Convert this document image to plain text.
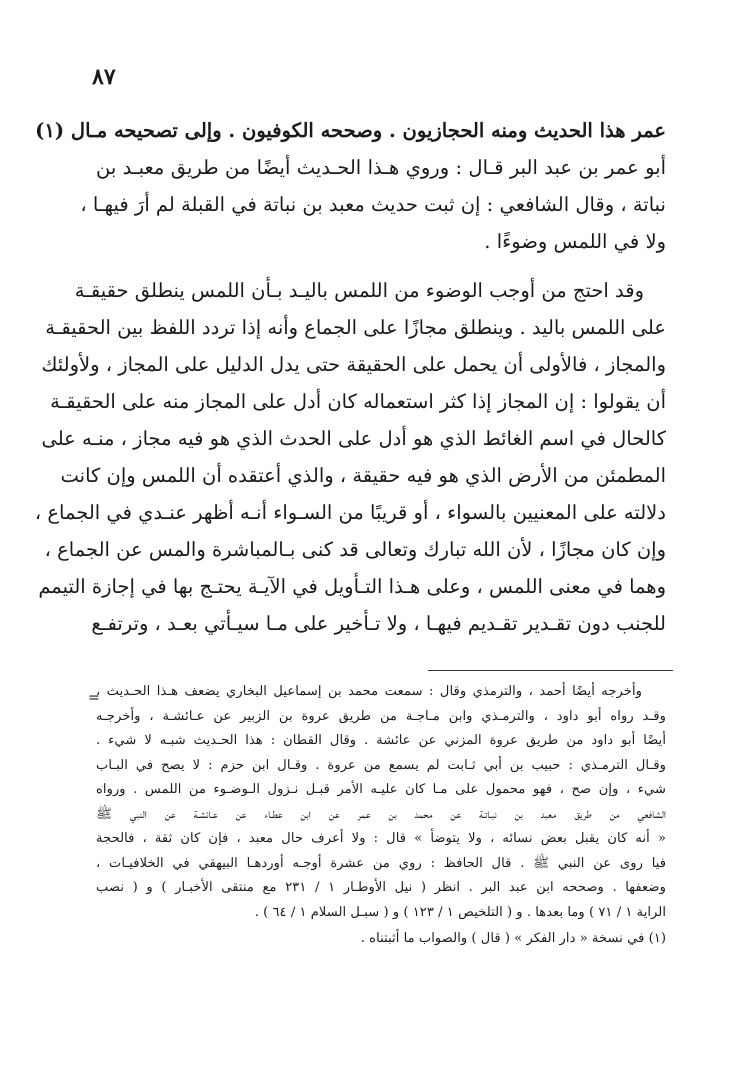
٨٧

عمر هذا الحديث ومنه الحجازيون . وصححه الكوفيون . وإلى تصحيحه مـال (١)
أبو عمر بن عبد البر قـال : وروي هـذا الحـديث أيضًا من طريق معبـد بن
نباتة ، وقال الشافعي : إن ثبت حديث معبد بن نباتة في القبلة لم أرَ فيهـا ،
ولا في اللمس وضوءًا .

وقد احتج من أوجب الوضوء من اللمس باليـد بـأن اللمس ينطلق حقيقـة
على اللمس باليد . وينطلق مجازًا على الجماع وأنه إذا تردد اللفظ بين الحقيقـة
والمجاز ، فالأولى أن يحمل على الحقيقة حتى يدل الدليل على المجاز ، ولأولئك
أن يقولوا : إن المجاز إذا كثر استعماله كان أدل على المجاز منه على الحقيقـة
كالحال في اسم الغائط الذي هو أدل على الحدث الذي هو فيه مجاز ، منـه على
المطمئن من الأرض الذي هو فيه حقيقة ، والذي أعتقده أن اللمس وإن كانت
دلالته على المعنيين بالسواء ، أو قريبًا من السـواء أنـه أظهر عنـدي في الجماع ،
وإن كان مجازًا ، لأن الله تبارك وتعالى قد كنى بـالمباشرة والمس عن الجماع ،
وهما في معنى اللمس ، وعلى هـذا التـأويل في الآيـة يحتـج بها في إجازة التيمم
للجنب دون تقـدير تقـديم فيهـا ، ولا تـأخير على مـا سيـأتي بعـد ، وترتفـع

=
وأخرجه أيضًا أحمد ، والترمذي وقال : سمعت محمد بن إسماعيل البخاري يضعف هـذا الحـديث ،
وقـد رواه أبو داود ، والترمـذي وابن مـاجـة من طريق عروة بن الزبير عن عـائشـة ، وأخرجـه
أيضًا أبو داود من طريق عروة المزني عن عائشة . وقال القطان : هذا الحـديث شبـه لا شيء .
وقـال الترمـذي : حبيب بن أبي ثـابت لم يسمع من عروة . وقـال ابن حزم : لا يصح في البـاب
شيء ، وإن صح ، فهو محمول على مـا كان عليـه الأمر قبـل نـزول الـوضـوء من اللمس . ورواه
الشافعي من طريق معبد بن نبـاتـة عن محمد بن عمر عن ابن عطـاء عن عـائشـة عن النبي ﷺ
« أنه كان يقبل بعض نسائه ، ولا يتوضأ » قال : ولا أعرف حال معبد ، فإن كان ثقة ، فالحجة
فيا روى عن النبي ﷺ . قال الحافظ : روي من عشرة أوجـه أوردهـا البيهقي في الخلافيـات ،
وضعفها . وصححه ابن عبد البر . انظر ( نيل الأوطـار ١ / ٢٣١ مع منتقى الأخبـار ) و ( نصب
الراية ١ / ٧١ ) وما بعدها . و ( التلخيص ١ / ١٢٣ ) و ( سبـل السلام ١ / ٦٤ ) .
(١) في نسخة « دار الفكر » ( قال ) والصواب ما أثبتناه .
